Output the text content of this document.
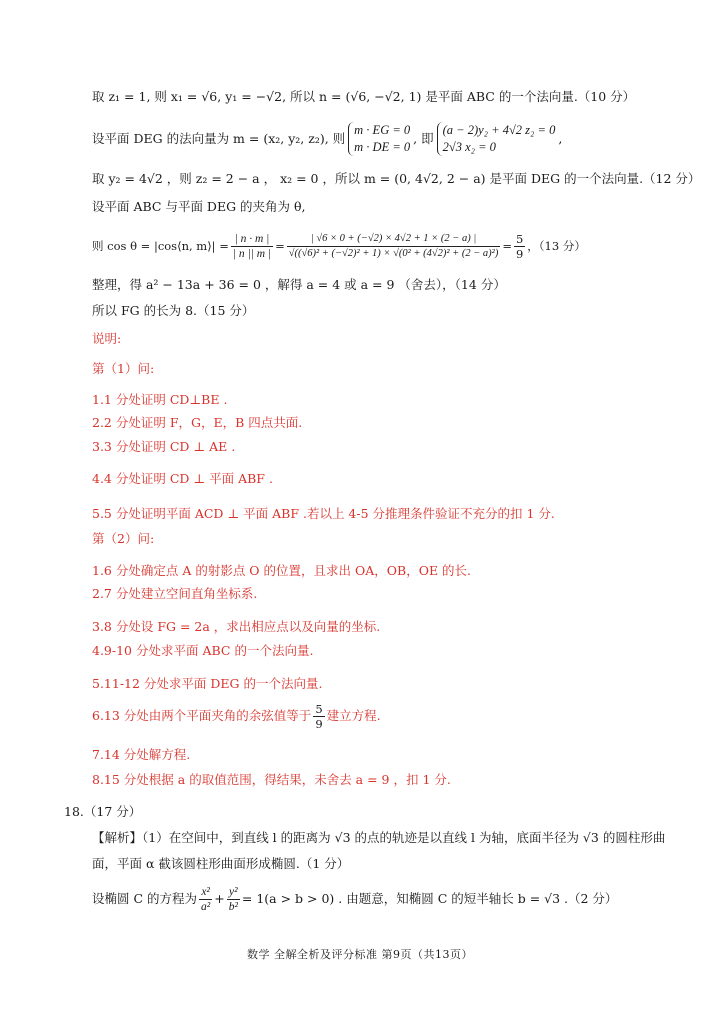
取 z₁ = 1, 则 x₁ = √6, y₁ = −√2, 所以 n = (√6, −√2, 1) 是平面 ABC 的一个法向量.（10 分）
设平面 DEG 的法向量为 m = (x₂, y₂, z₂), 则
m · EG = 0
m · DE = 0
, 即
(a − 2)y₂ + 4√2 z₂ = 0
2√3 x₂ = 0
,
取 y₂ = 4√2 ，则 z₂ = 2 − a ， x₂ = 0 ，所以 m = (0, 4√2, 2 − a) 是平面 DEG 的一个法向量.（12 分）
设平面 ABC 与平面 DEG 的夹角为 θ,
则 cos θ = |cos⟨n, m⟩| = $\frac{| n \cdot m |}{| n || m |} = \frac{| √6 \times 0 + (-√2) \times 4√2 + 1 \times (2 - a) |}{\text{√((√6)² + (−√2)² + 1) × √(0² + (4√2)² + (2 − a)²)}} = \frac{5}{9}$ ，（13 分）
整理，得 a² − 13a + 36 = 0 ，解得 a = 4 或 a = 9 （舍去），（14 分）
所以 FG 的长为 8.（15 分）
说明:
第（1）问:
1.1 分处证明 CD⊥BE .
2.2 分处证明 F，G，E，B 四点共面.
3.3 分处证明 CD ⊥ AE .
4.4 分处证明 CD ⊥ 平面 ABF .
5.5 分处证明平面 ACD ⊥ 平面 ABF .若以上 4-5 分推理条件验证不充分的扣 1 分.
第（2）问:
1.6 分处确定点 A 的射影点 O 的位置，且求出 OA，OB，OE 的长.
2.7 分处建立空间直角坐标系.
3.8 分处设 FG = 2a ，求出相应点以及向量的坐标.
4.9-10 分处求平面 ABC 的一个法向量.
5.11-12 分处求平面 DEG 的一个法向量.
6.13 分处由两个平面夹角的余弦值等于 $\frac{5}{9}$ 建立方程.
7.14 分处解方程.
8.15 分处根据 a 的取值范围，得结果，未舍去 a = 9 ，扣 1 分.
18.（17 分）
【解析】（1）在空间中，到直线 l 的距离为 √3 的点的轨迹是以直线 l 为轴，底面半径为 √3 的圆柱形曲
面，平面 α 截该圆柱形曲面形成椭圆.（1 分）
设椭圆 C 的方程为 $\frac{\text{x²}}{\text{a²}} + \frac{\text{y²}}{\text{b²}} = 1(a > b > 0)$ . 由题意，知椭圆 C 的短半轴长 b = √3 .（2 分）
数学 全解全析及评分标准 第9页（共13页）
